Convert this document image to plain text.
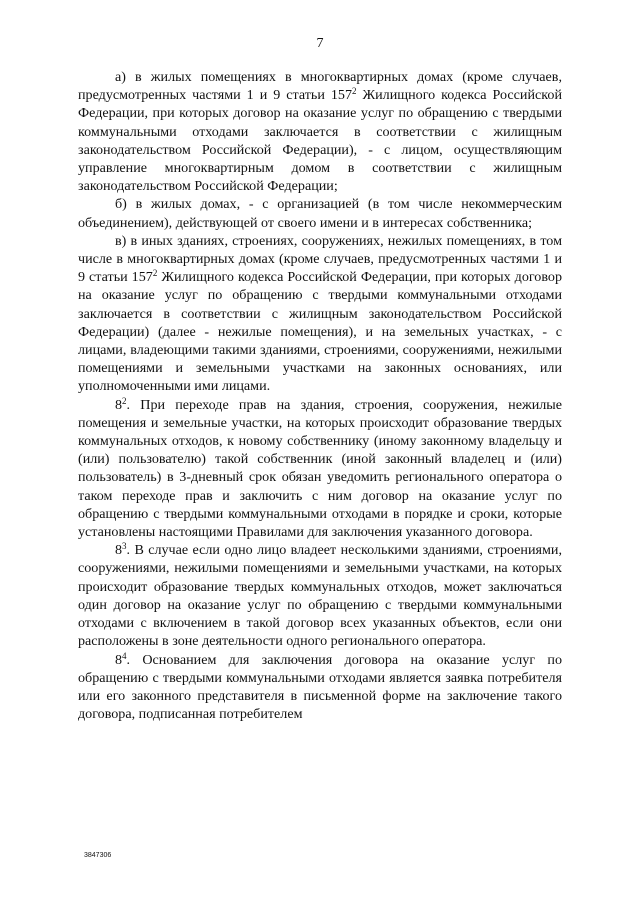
7

а) в жилых помещениях в многоквартирных домах (кроме случаев, предусмотренных частями 1 и 9 статьи $157^2$ Жилищного кодекса Российской Федерации, при которых договор на оказание услуг по обращению с твердыми коммунальными отходами заключается в соответствии с жилищным законодательством Российской Федерации), - с лицом, осуществляющим управление многоквартирным домом в соответствии с жилищным законодательством Российской Федерации;

б) в жилых домах, - с организацией (в том числе некоммерческим объединением), действующей от своего имени и в интересах собственника;

в) в иных зданиях, строениях, сооружениях, нежилых помещениях, в том числе в многоквартирных домах (кроме случаев, предусмотренных частями 1 и 9 статьи $157^2$ Жилищного кодекса Российской Федерации, при которых договор на оказание услуг по обращению с твердыми коммунальными отходами заключается в соответствии с жилищным законодательством Российской Федерации) (далее - нежилые помещения), и на земельных участках, - с лицами, владеющими такими зданиями, строениями, сооружениями, нежилыми помещениями и земельными участками на законных основаниях, или уполномоченными ими лицами.

$8^2$. При переходе прав на здания, строения, сооружения, нежилые помещения и земельные участки, на которых происходит образование твердых коммунальных отходов, к новому собственнику (иному законному владельцу и (или) пользователю) такой собственник (иной законный владелец и (или) пользователь) в 3-дневный срок обязан уведомить регионального оператора о таком переходе прав и заключить с ним договор на оказание услуг по обращению с твердыми коммунальными отходами в порядке и сроки, которые установлены настоящими Правилами для заключения указанного договора.

$8^3$. В случае если одно лицо владеет несколькими зданиями, строениями, сооружениями, нежилыми помещениями и земельными участками, на которых происходит образование твердых коммунальных отходов, может заключаться один договор на оказание услуг по обращению с твердыми коммунальными отходами с включением в такой договор всех указанных объектов, если они расположены в зоне деятельности одного регионального оператора.

$8^4$. Основанием для заключения договора на оказание услуг по обращению с твердыми коммунальными отходами является заявка потребителя или его законного представителя в письменной форме на заключение такого договора, подписанная потребителем

3847306
